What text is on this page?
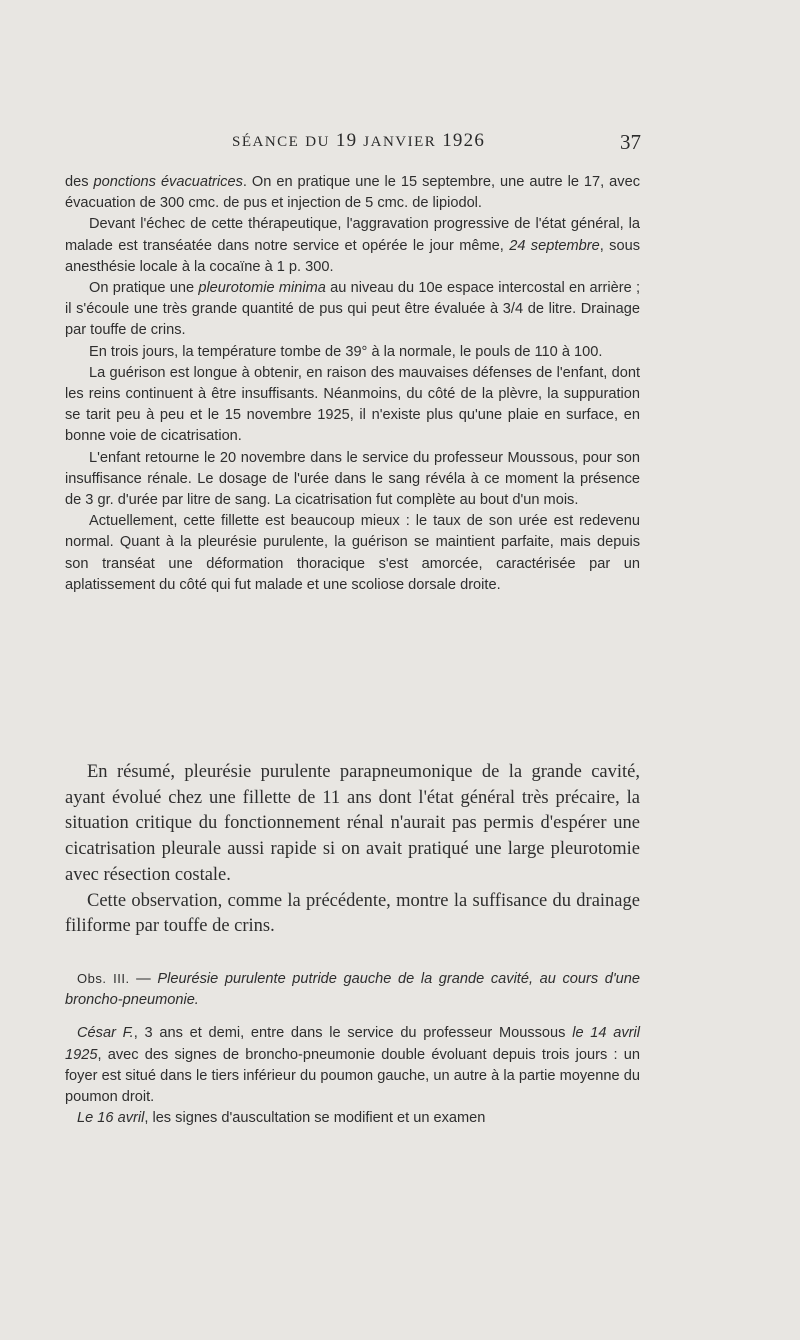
SÉANCE DU 19 JANVIER 1926	37

des ponctions évacuatrices. On en pratique une le 15 septembre, une autre le 17, avec évacuation de 300 cmc. de pus et injection de 5 cmc. de lipiodol.

Devant l'échec de cette thérapeutique, l'aggravation progressive de l'état général, la malade est transéatée dans notre service et opérée le jour même, 24 septembre, sous anesthésie locale à la cocaïne à 1 p. 300.

On pratique une pleurotomie minima au niveau du 10e espace intercostal en arrière ; il s'écoule une très grande quantité de pus qui peut être évaluée à 3/4 de litre. Drainage par touffe de crins.

En trois jours, la température tombe de 39° à la normale, le pouls de 110 à 100.

La guérison est longue à obtenir, en raison des mauvaises défenses de l'enfant, dont les reins continuent à être insuffisants. Néanmoins, du côté de la plèvre, la suppuration se tarit peu à peu et le 15 novembre 1925, il n'existe plus qu'une plaie en surface, en bonne voie de cicatrisation.

L'enfant retourne le 20 novembre dans le service du professeur Moussous, pour son insuffisance rénale. Le dosage de l'urée dans le sang révéla à ce moment la présence de 3 gr. d'urée par litre de sang. La cicatrisation fut complète au bout d'un mois.

Actuellement, cette fillette est beaucoup mieux : le taux de son urée est redevenu normal. Quant à la pleurésie purulente, la guérison se maintient parfaite, mais depuis son transéat une déformation thoracique s'est amorcée, caractérisée par un aplatissement du côté qui fut malade et une scoliose dorsale droite.

En résumé, pleurésie purulente parapneumonique de la grande cavité, ayant évolué chez une fillette de 11 ans dont l'état général très précaire, la situation critique du fonctionnement rénal n'aurait pas permis d'espérer une cicatrisation pleurale aussi rapide si on avait pratiqué une large pleurotomie avec résection costale.

Cette observation, comme la précédente, montre la suffisance du drainage filiforme par touffe de crins.

Obs. III. — Pleurésie purulente putride gauche de la grande cavité, au cours d'une broncho-pneumonie.

César F., 3 ans et demi, entre dans le service du professeur Moussous le 14 avril 1925, avec des signes de broncho-pneumonie double évoluant depuis trois jours : un foyer est situé dans le tiers inférieur du poumon gauche, un autre à la partie moyenne du poumon droit.

Le 16 avril, les signes d'auscultation se modifient et un examen
